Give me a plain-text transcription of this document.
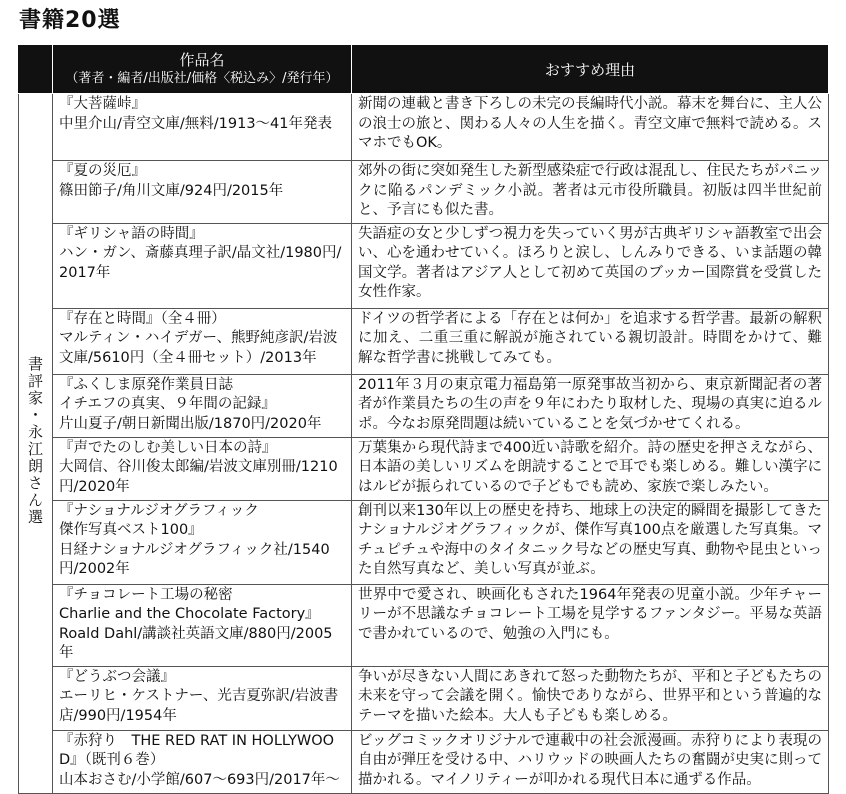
書籍20選

	作品名
（著者・編者/出版社/価格〈税込み〉/発行年）	おすすめ理由
書評家・永江朗さん選	『大菩薩峠』
中里介山/青空文庫/無料/1913～41年発表	新聞の連載と書き下ろしの未完の長編時代小説。幕末を舞台に、主人公の浪士の旅と、関わる人々の人生を描く。青空文庫で無料で読める。スマホでもOK。

	『夏の災厄』
篠田節子/角川文庫/924円/2015年	郊外の街に突如発生した新型感染症で行政は混乱し、住民たちがパニックに陥るパンデミック小説。著者は元市役所職員。初版は四半世紀前と、予言にも似た書。

	『ギリシャ語の時間』
ハン・ガン、斎藤真理子訳/晶文社/1980円/2017年	失語症の女と少しずつ視力を失っていく男が古典ギリシャ語教室で出会い、心を通わせていく。ほろりと涙し、しんみりできる、いま話題の韓国文学。著者はアジア人として初めて英国のブッカー国際賞を受賞した女性作家。

	『存在と時間』（全４冊）
マルティン・ハイデガー、熊野純彦訳/岩波文庫/5610円（全４冊セット）/2013年	ドイツの哲学者による「存在とは何か」を追求する哲学書。最新の解釈に加え、二重三重に解説が施されている親切設計。時間をかけて、難解な哲学書に挑戦してみても。

	『ふくしま原発作業員日誌
イチエフの真実、９年間の記録』
片山夏子/朝日新聞出版/1870円/2020年	2011年３月の東京電力福島第一原発事故当初から、東京新聞記者の著者が作業員たちの生の声を９年にわたり取材した、現場の真実に迫るルポ。今なお原発問題は続いていることを気づかせてくれる。

	『声でたのしむ美しい日本の詩』
大岡信、谷川俊太郎編/岩波文庫別冊/1210円/2020年	万葉集から現代詩まで400近い詩歌を紹介。詩の歴史を押さえながら、日本語の美しいリズムを朗読することで耳でも楽しめる。難しい漢字にはルビが振られているので子どもでも読め、家族で楽しみたい。

	『ナショナルジオグラフィック
傑作写真ベスト100』
日経ナショナルジオグラフィック社/1540円/2002年	創刊以来130年以上の歴史を持ち、地球上の決定的瞬間を撮影してきたナショナルジオグラフィックが、傑作写真100点を厳選した写真集。マチュピチュや海中のタイタニック号などの歴史写真、動物や昆虫といった自然写真など、美しい写真が並ぶ。

	『チョコレート工場の秘密
Charlie and the Chocolate Factory』
Roald Dahl/講談社英語文庫/880円/2005年	世界中で愛され、映画化もされた1964年発表の児童小説。少年チャーリーが不思議なチョコレート工場を見学するファンタジー。平易な英語で書かれているので、勉強の入門にも。

	『どうぶつ会議』
エーリヒ・ケストナー、光吉夏弥訳/岩波書店/990円/1954年	争いが尽きない人間にあきれて怒った動物たちが、平和と子どもたちの未来を守って会議を開く。愉快でありながら、世界平和という普遍的なテーマを描いた絵本。大人も子どもも楽しめる。

	『赤狩り　THE RED RAT IN HOLLYWOOD』（既刊６巻）
山本おさむ/小学館/607～693円/2017年～	ビッグコミックオリジナルで連載中の社会派漫画。赤狩りにより表現の自由が弾圧を受ける中、ハリウッドの映画人たちの奮闘が史実に則って描かれる。マイノリティーが叩かれる現代日本に通ずる作品。
